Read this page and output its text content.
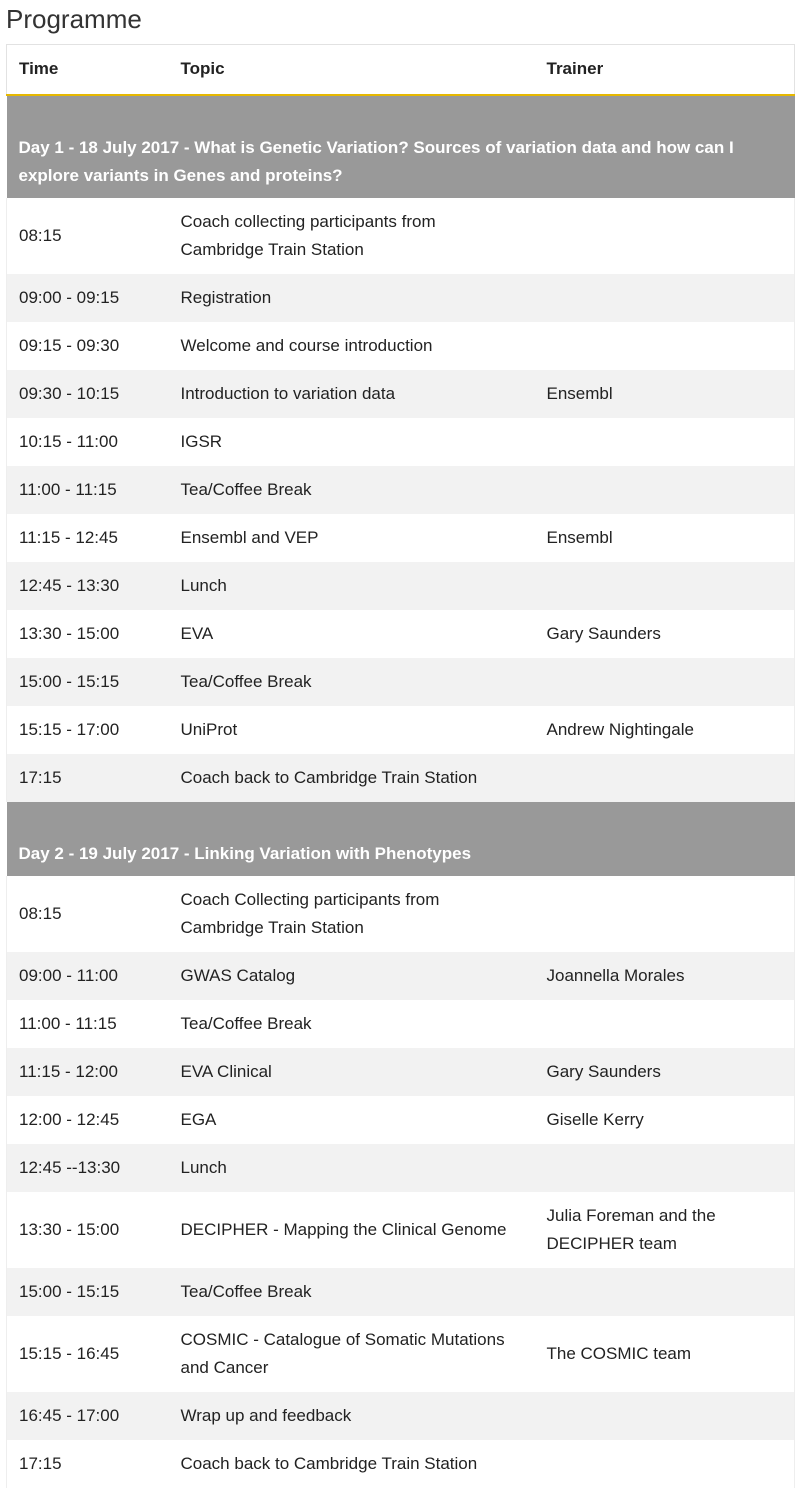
Programme
Time	Topic	Trainer
Day 1 - 18 July 2017 - What is Genetic Variation? Sources of variation data and how can I explore variants in Genes and proteins?		
08:15	Coach collecting participants from Cambridge Train Station	
09:00 - 09:15	Registration	
09:15 - 09:30	Welcome and course introduction	
09:30 - 10:15	Introduction to variation data	Ensembl
10:15 - 11:00	IGSR	
11:00 - 11:15	Tea/Coffee Break	
11:15 - 12:45	Ensembl and VEP	Ensembl
12:45 - 13:30	Lunch	
13:30 - 15:00	EVA	Gary Saunders
15:00 - 15:15	Tea/Coffee Break	
15:15 - 17:00	UniProt	Andrew Nightingale
17:15	Coach back to Cambridge Train Station	
Day 2 - 19 July 2017 - Linking Variation with Phenotypes		
08:15	Coach Collecting participants from Cambridge Train Station	
09:00 - 11:00	GWAS Catalog	Joannella Morales
11:00 - 11:15	Tea/Coffee Break	
11:15 - 12:00	EVA Clinical	Gary Saunders
12:00 - 12:45	EGA	Giselle Kerry
12:45 --13:30	Lunch	
13:30 - 15:00	DECIPHER - Mapping the Clinical Genome	Julia Foreman and the DECIPHER team
15:00 - 15:15	Tea/Coffee Break	
15:15 - 16:45	COSMIC - Catalogue of Somatic Mutations and Cancer	The COSMIC team
16:45 - 17:00	Wrap up and feedback	
17:15	Coach back to Cambridge Train Station	
